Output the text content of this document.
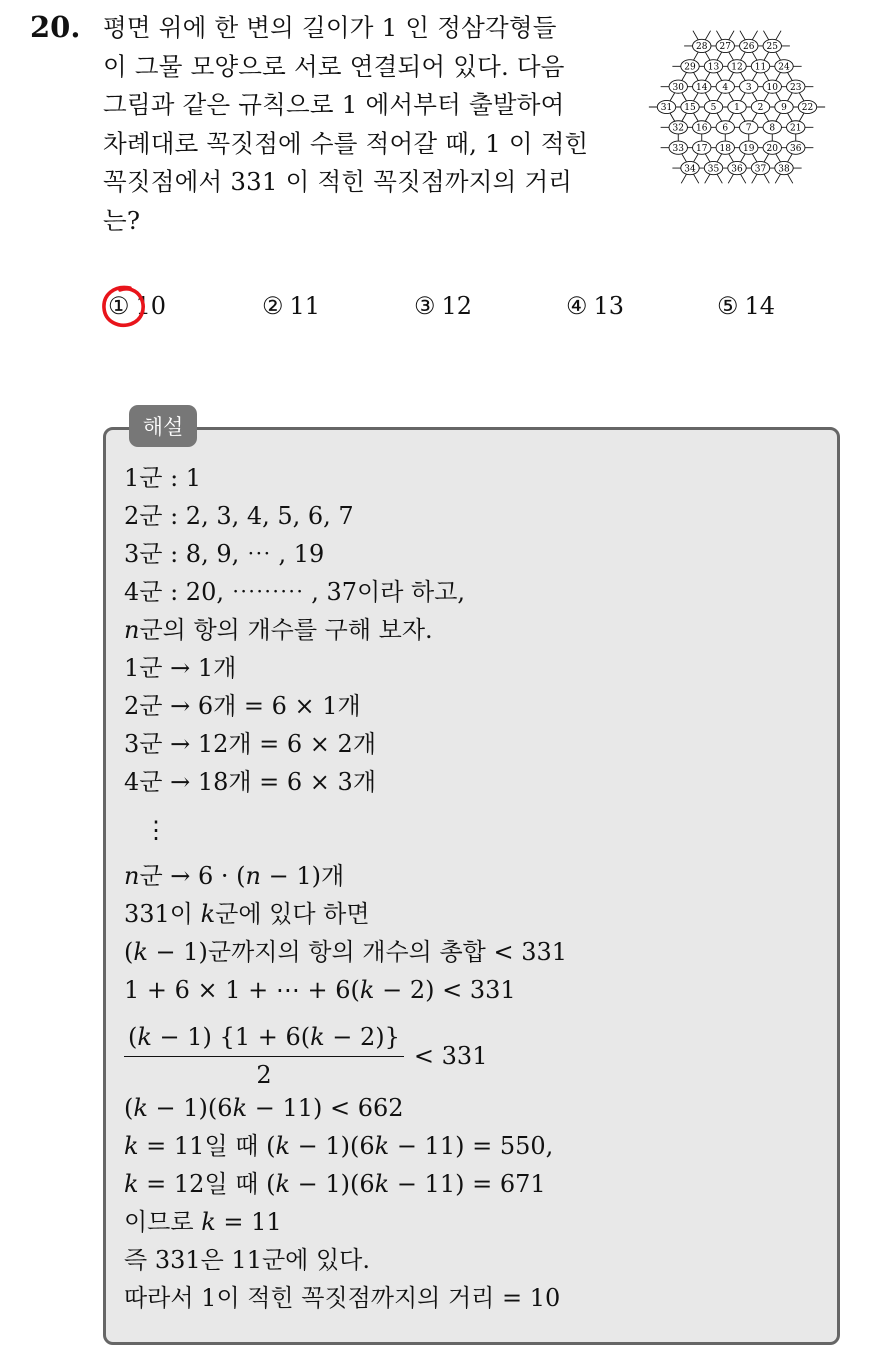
20. 평면 위에 한 변의 길이가 1 인 정삼각형들
이 그물 모양으로 서로 연결되어 있다. 다음
그림과 같은 규칙으로 1 에서부터 출발하여
차례대로 꼭짓점에 수를 적어갈 때, 1 이 적힌
꼭짓점에서 331 이 적힌 꼭짓점까지의 거리
는?
28 27 26 25
29 13 12 11 24
30 14 4 3 10 23
31 15 5 1 2 9 22
32 16 6 7 8 21
33 17 18 19 20 36
34 35 36 37 38
① 10	② 11	③ 12	④ 13	⑤ 14
해설
1군 : 1
2군 : 2, 3, 4, 5, 6, 7
3군 : 8, 9, ⋯ , 19
4군 : 20, ⋯⋯⋯ , 37이라 하고,
n군의 항의 개수를 구해 보자.
1군 → 1개
2군 → 6개 = 6 × 1개
3군 → 12개 = 6 × 2개
4군 → 18개 = 6 × 3개
⋮
n군 → 6 · (n − 1)개
331이 k군에 있다 하면
(k − 1)군까지의 항의 개수의 총합 < 331
1 + 6 × 1 + ⋯ + 6(k − 2) < 331
$\frac{(k - 1) \{1 + 6(k - 2)\}}{2} < 331$
(k − 1)(6k − 11) < 662
k = 11일 때 (k − 1)(6k − 11) = 550,
k = 12일 때 (k − 1)(6k − 11) = 671
이므로 k = 11
즉 331은 11군에 있다.
따라서 1이 적힌 꼭짓점까지의 거리 = 10
